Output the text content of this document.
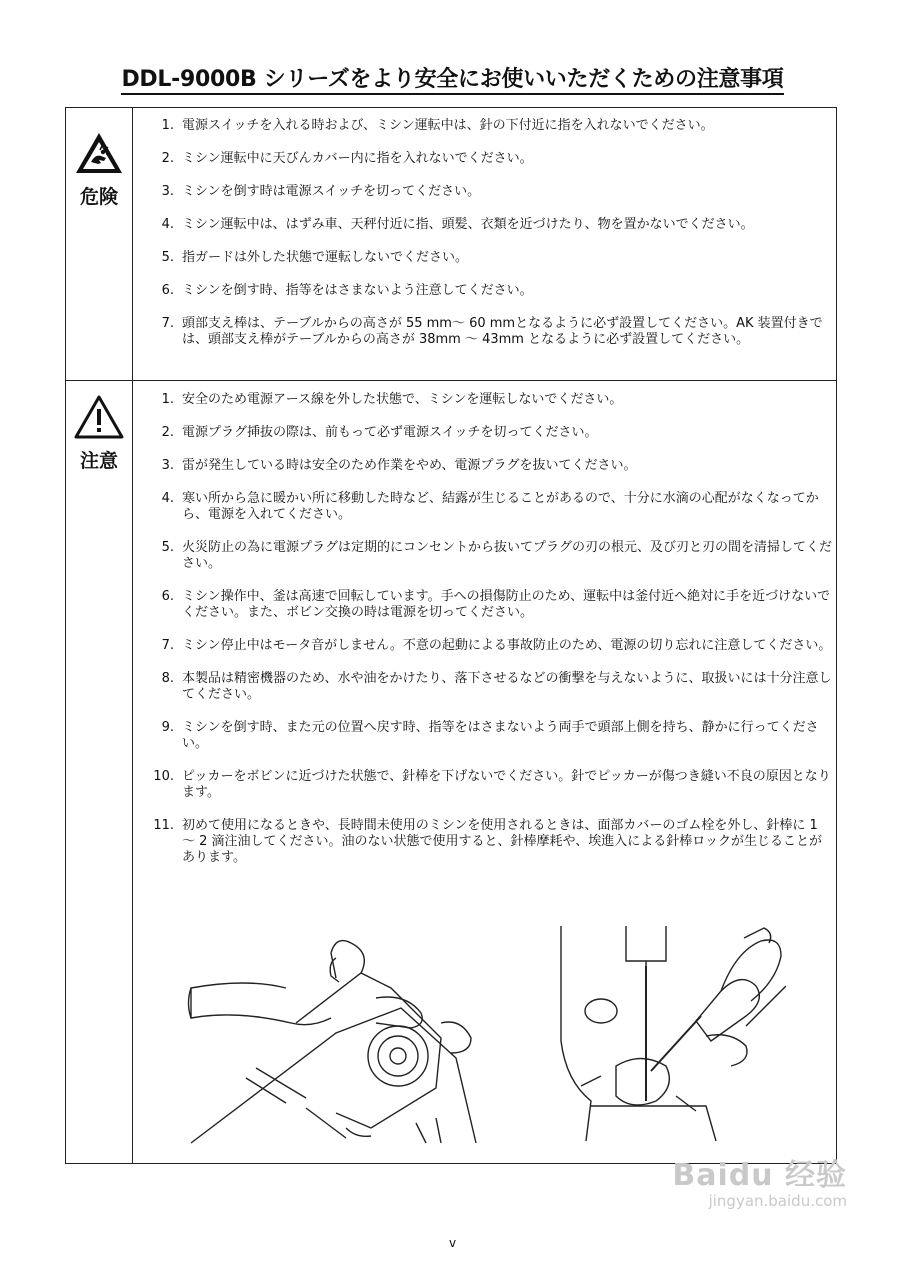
DDL-9000B シリーズをより安全にお使いいただくための注意事項
危険
1. 電源スイッチを入れる時および、ミシン運転中は、針の下付近に指を入れないでください。
2. ミシン運転中に天びんカバー内に指を入れないでください。
3. ミシンを倒す時は電源スイッチを切ってください。
4. ミシン運転中は、はずみ車、天秤付近に指、頭髪、衣類を近づけたり、物を置かないでください。
5. 指ガードは外した状態で運転しないでください。
6. ミシンを倒す時、指等をはさまないよう注意してください。
7. 頭部支え棒は、テーブルからの高さが 55 mm〜 60 mmとなるように必ず設置してください。AK 装置付きでは、頭部支え棒がテーブルからの高さが 38mm 〜 43mm となるように必ず設置してください。
注意
1. 安全のため電源アース線を外した状態で、ミシンを運転しないでください。
2. 電源プラグ挿抜の際は、前もって必ず電源スイッチを切ってください。
3. 雷が発生している時は安全のため作業をやめ、電源プラグを抜いてください。
4. 寒い所から急に暖かい所に移動した時など、結露が生じることがあるので、十分に水滴の心配がなくなってから、電源を入れてください。
5. 火災防止の為に電源プラグは定期的にコンセントから抜いてプラグの刃の根元、及び刃と刃の間を清掃してください。
6. ミシン操作中、釜は高速で回転しています。手への損傷防止のため、運転中は釜付近へ絶対に手を近づけないでください。また、ボビン交換の時は電源を切ってください。
7. ミシン停止中はモータ音がしません。不意の起動による事故防止のため、電源の切り忘れに注意してください。
8. 本製品は精密機器のため、水や油をかけたり、落下させるなどの衝撃を与えないように、取扱いには十分注意してください。
9. ミシンを倒す時、また元の位置へ戻す時、指等をはさまないよう両手で頭部上側を持ち、静かに行ってください。
10. ピッカーをボビンに近づけた状態で、針棒を下げないでください。針でピッカーが傷つき縫い不良の原因となります。
11. 初めて使用になるときや、長時間未使用のミシンを使用されるときは、面部カバーのゴム栓を外し、針棒に 1 〜 2 滴注油してください。油のない状態で使用すると、針棒摩耗や、埃進入による針棒ロックが生じることがあります。
v
Baidu 经验
jingyan.baidu.com
